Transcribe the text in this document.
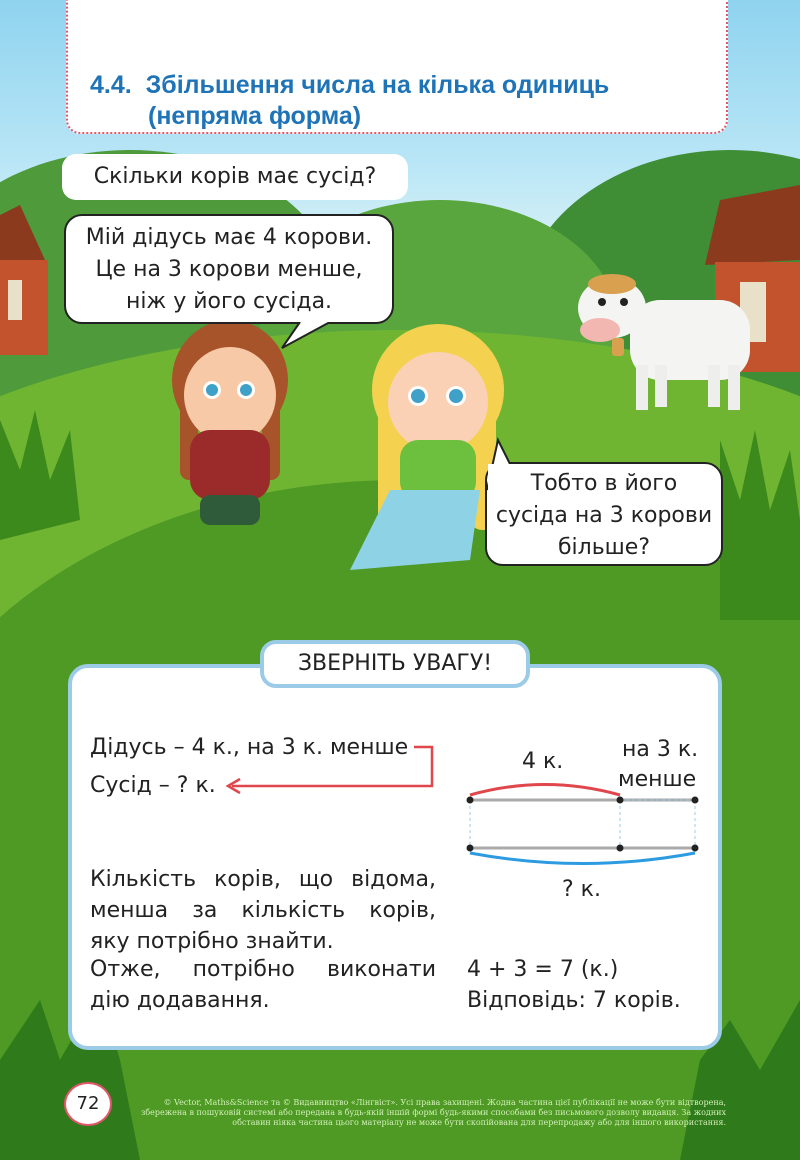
4.4. Збільшення числа на кілька одиниць
(непряма форма)
Скільки корів має сусід?
Мій дідусь має 4 корови.
Це на 3 корови менше,
ніж у його сусіда.
Тобто в його
сусіда на 3 корови
більше?
ЗВЕРНІТЬ УВАГУ!
Дідусь – 4 к., на 3 к. менше
Сусід – ? к.
4 к.	на 3 к.
менше
? к.
Кількість корів, що відома,
менша за кількість корів,
яку потрібно знайти.
Отже, потрібно виконати
дію додавання.
4 + 3 = 7 (к.)
Відповідь: 7 корів.
72	© Vector, Maths&Science та © Видавництво «Лінгвіст». Усі права захищені. Жодна частина цієї публікації не може бути відтворена, збережена в пошуковій системі або передана в будь-якій іншій формі будь-якими способами без письмового дозволу видавця. За жодних обставин ніяка частина цього матеріалу не може бути скопійована для перепродажу або для іншого використання.
